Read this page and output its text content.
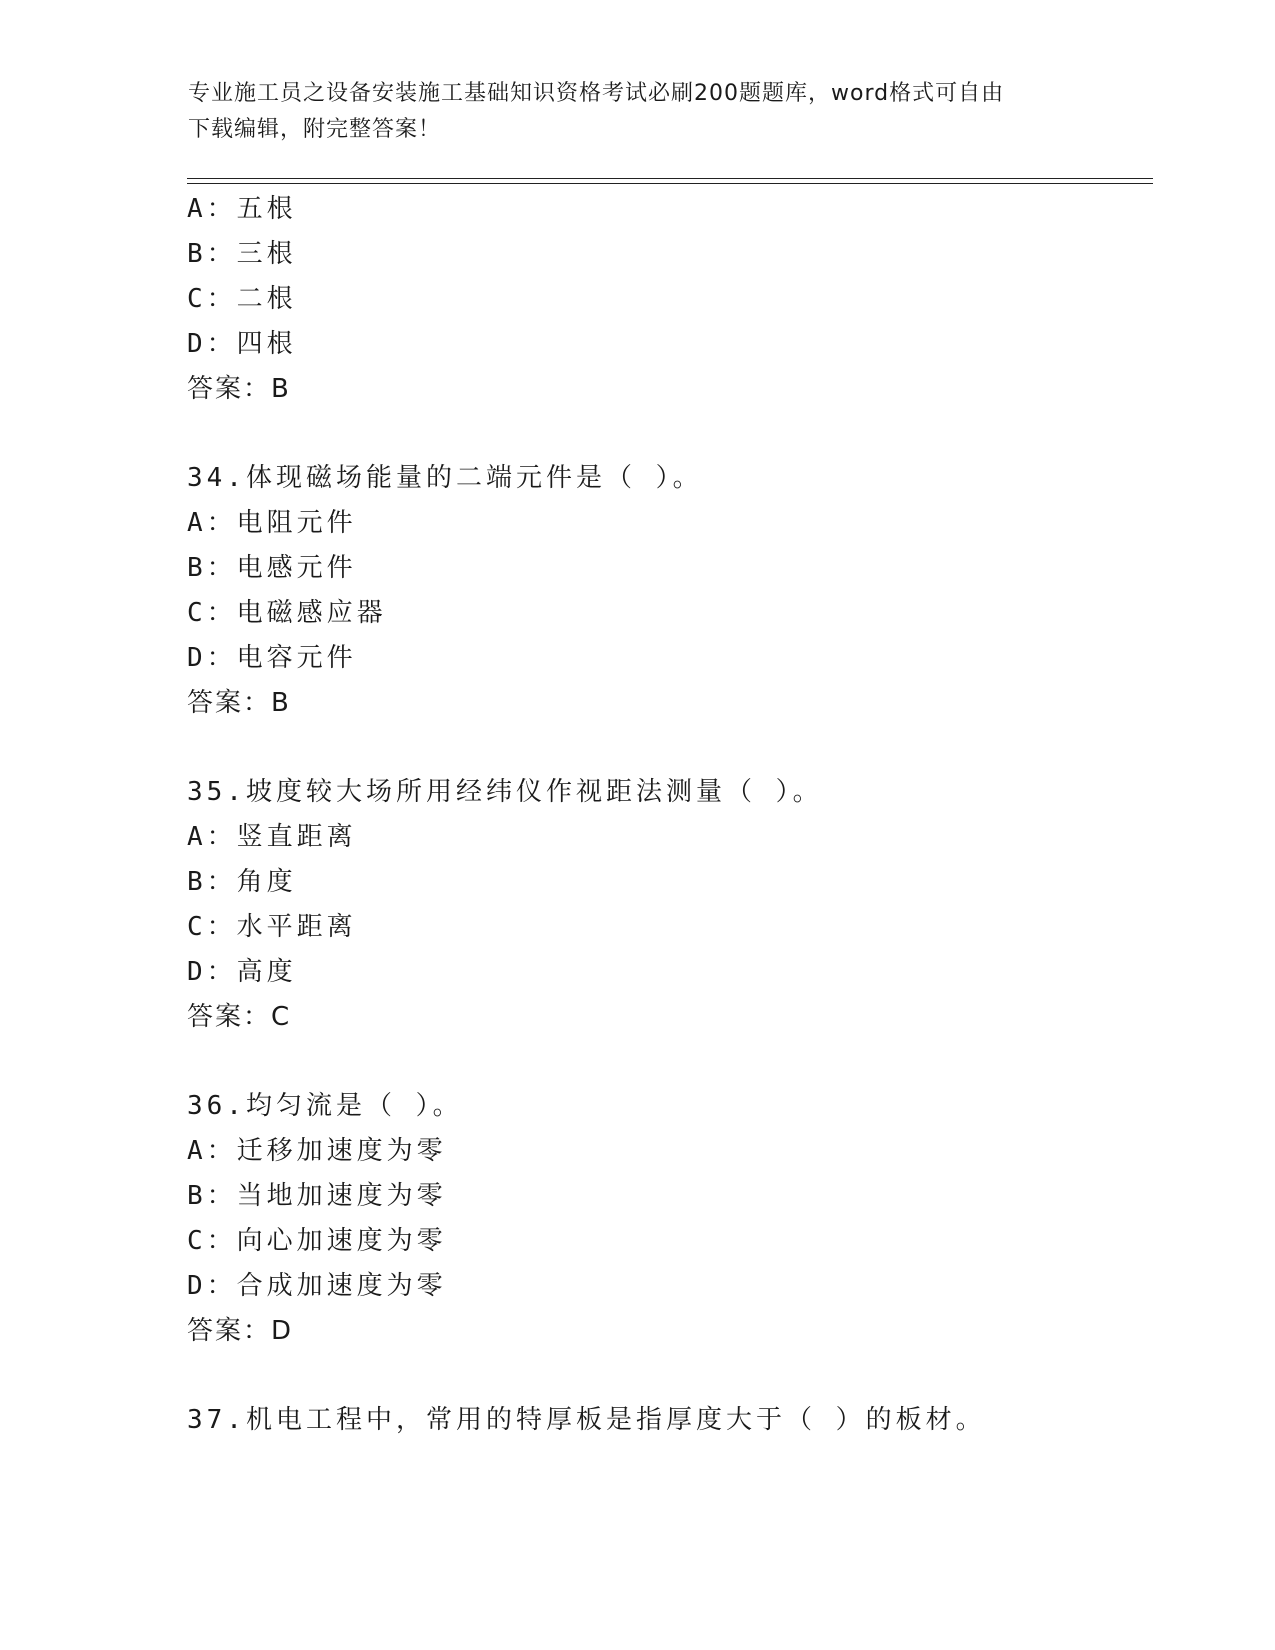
专业施工员之设备安装施工基础知识资格考试必刷200题题库，word格式可自由
下载编辑，附完整答案！
A：五根
B：三根
C：二根
D：四根
答案：B
34.体现磁场能量的二端元件是（ ）。
A：电阻元件
B：电感元件
C：电磁感应器
D：电容元件
答案：B
35.坡度较大场所用经纬仪作视距法测量（ ）。
A：竖直距离
B：角度
C：水平距离
D：高度
答案：C
36.均匀流是（ ）。
A：迁移加速度为零
B：当地加速度为零
C：向心加速度为零
D：合成加速度为零
答案：D
37.机电工程中，常用的特厚板是指厚度大于（ ）的板材。
